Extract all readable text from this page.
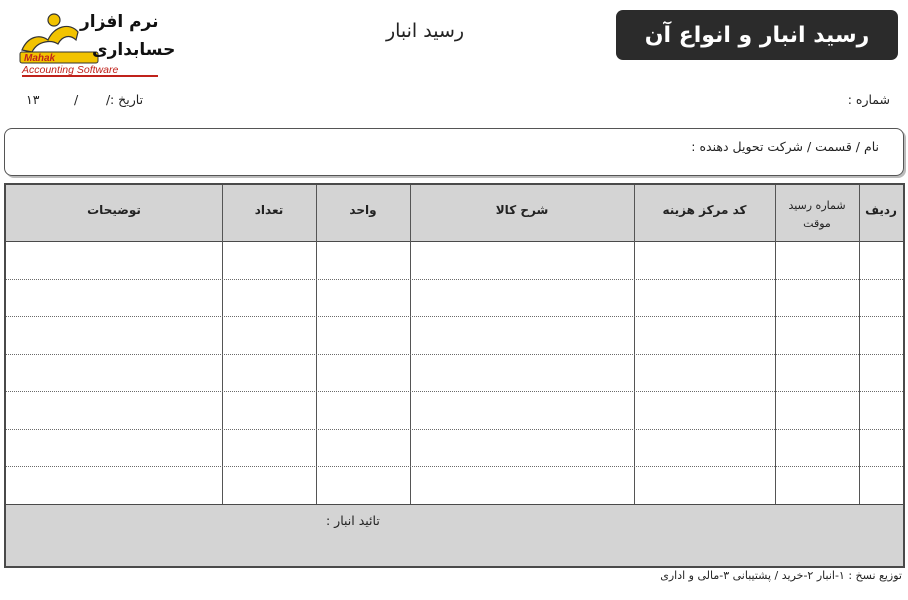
Mahak
نرم افزار
حسابداری
Accounting Software
رسید انبار	رسید انبار و انواع آن
شماره :
تاریخ :
/
/
۱۳
نام / قسمت / شرکت تحویل دهنده :
ردیف
شماره رسید موقت
کد مرکز هزینه
شرح کالا
واحد
تعداد
توضیحات
تائید انبار :
توزیع نسخ : ۱-انبار ۲-خرید / پشتیبانی ۳-مالی و اداری
